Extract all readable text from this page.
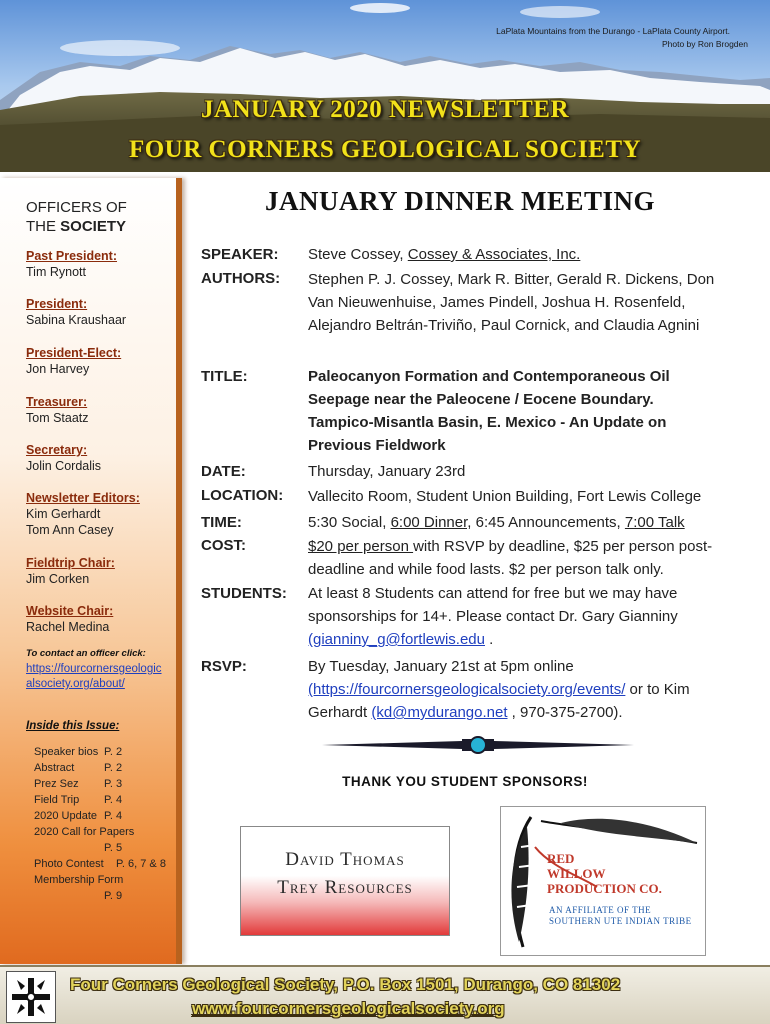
LaPlata Mountains from the Durango - LaPlata County Airport.
Photo by Ron Brogden
JANUARY 2020 NEWSLETTER
FOUR CORNERS GEOLOGICAL SOCIETY
OFFICERS OF
THE SOCIETY
Past President:
Tim Rynott
President:
Sabina Kraushaar
President-Elect:
Jon Harvey
Treasurer:
Tom Staatz
Secretary:
Jolin Cordalis
Newsletter Editors:
Kim Gerhardt
Tom Ann Casey
Fieldtrip Chair:
Jim Corken
Website Chair:
Rachel Medina
To contact an officer click:
https://fourcornersgeologicalsociety.org/about/
Inside this Issue:
Speaker bios P. 2
Abstract	P. 2
Prez Sez P. 3
Field Trip P. 4
2020 Update P. 4
2020 Call for Papers
P. 5
Photo Contest P. 6, 7 & 8
Membership Form
P. 9
JANUARY DINNER MEETING
SPEAKER: Steve Cossey, Cossey & Associates, Inc.
AUTHORS: Stephen P. J. Cossey, Mark R. Bitter, Gerald R. Dickens, Don Van Nieuwenhuise, James Pindell, Joshua H. Rosenfeld, Alejandro Beltrán-Triviño, Paul Cornick, and Claudia Agnini
TITLE:	Paleocanyon Formation and Contemporaneous Oil Seepage near the Paleocene / Eocene Boundary. Tampico-Misantla Basin, E. Mexico - An Update on Previous Fieldwork
DATE:	Thursday, January 23rd
LOCATION: Vallecito Room, Student Union Building, Fort Lewis College
TIME:	5:30 Social, 6:00 Dinner, 6:45 Announcements, 7:00 Talk
COST:	$20 per person with RSVP by deadline, $25 per person post-deadline and while food lasts. $2 per person talk only.
STUDENTS: At least 8 Students can attend for free but we may have sponsorships for 14+. Please contact Dr. Gary Gianniny (gianniny_g@fortlewis.edu .
RSVP:	By Tuesday, January 21st at 5pm online (https://fourcornersgeologicalsociety.org/events/ or to Kim Gerhardt (kd@mydurango.net , 970-375-2700).
THANK YOU STUDENT SPONSORS!
David Thomas
Trey Resources
RED
WILLOW
PRODUCTION CO.
AN AFFILIATE OF THE
SOUTHERN UTE INDIAN TRIBE
Four Corners Geological Society, P.O. Box 1501, Durango, CO 81302
www.fourcornersgeologicalsociety.org
